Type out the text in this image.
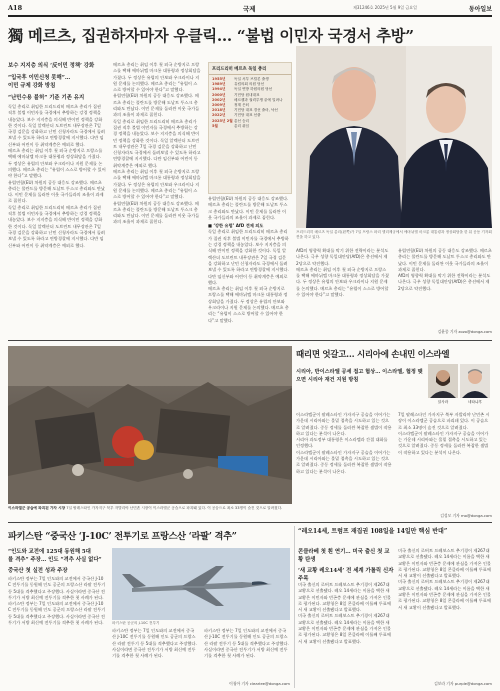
A18	국제	제31246호 2025년 5월 9일 금요일	동아일보
獨 메르츠, 집권하자마자 우클릭… “불법 이민자 국경서 추방”
보수 지지층 의식 ‘反이민 정책’ 강화
“입국후 이민신청 못해”…
이민 규제 강화 방침
“난민수용 불허” 기준 기존 유지

독일 총리로 취임한 프리드리히 메르츠 총리가 집권 직후 불법 이민자를 국경에서 추방하는 강경 정책을 내놓았다. 보수 지지층을 의식해 반이민 정책을 강화한 것이다. 독일 알렉산더 도브린트 내무장관은 7일 국경 검문을 강화하고 난민 신청자라도 국경에서 돌려보낼 수 있도록 하라고 연방경찰에 지시했다. 다만 임신부와 어린이 등 취약계층은 예외로 했다.

메르츠 총리는 취임 이후 첫 외국 순방지로 프랑스를 택해 에마뉘엘 마크롱 대통령과 정상회담을 가졌다. 두 정상은 유럽의 안보와 우크라이나 지원 문제를 논의했다. 메르츠 총리는 “유럽이 스스로 방어할 수 있어야 한다”고 말했다.

유럽연합(EU) 차원의 공동 대응도 강조했다. 메르츠 총리는 폴란드를 방문해 도날트 투스크 총리와도 만났다. 이민 문제를 둘러싼 이웃 국가들과의 조율이 과제로 꼽힌다.

독일 총리로 취임한 프리드리히 메르츠 총리가 집권 직후 불법 이민자를 국경에서 추방하는 강경 정책을 내놓았다. 보수 지지층을 의식해 반이민 정책을 강화한 것이다. 독일 알렉산더 도브린트 내무장관은 7일 국경 검문을 강화하고 난민 신청자라도 국경에서 돌려보낼 수 있도록 하라고 연방경찰에 지시했다. 다만 임신부와 어린이 등 취약계층은 예외로 했다.

메르츠 총리는 취임 이후 첫 외국 순방지로 프랑스를 택해 에마뉘엘 마크롱 대통령과 정상회담을 가졌다. 두 정상은 유럽의 안보와 우크라이나 지원 문제를 논의했다. 메르츠 총리는 “유럽이 스스로 방어할 수 있어야 한다”고 말했다.

유럽연합(EU) 차원의 공동 대응도 강조했다. 메르츠 총리는 폴란드를 방문해 도날트 투스크 총리와도 만났다. 이민 문제를 둘러싼 이웃 국가들과의 조율이 과제로 꼽힌다.

독일 총리로 취임한 프리드리히 메르츠 총리가 집권 직후 불법 이민자를 국경에서 추방하는 강경 정책을 내놓았다. 보수 지지층을 의식해 반이민 정책을 강화한 것이다. 독일 알렉산더 도브린트 내무장관은 7일 국경 검문을 강화하고 난민 신청자라도 국경에서 돌려보낼 수 있도록 하라고 연방경찰에 지시했다. 다만 임신부와 어린이 등 취약계층은 예외로 했다.

메르츠 총리는 취임 이후 첫 외국 순방지로 프랑스를 택해 에마뉘엘 마크롱 대통령과 정상회담을 가졌다. 두 정상은 유럽의 안보와 우크라이나 지원 문제를 논의했다. 메르츠 총리는 “유럽이 스스로 방어할 수 있어야 한다”고 말했다.

유럽연합(EU) 차원의 공동 대응도 강조했다. 메르츠 총리는 폴란드를 방문해 도날트 투스크 총리와도 만났다. 이민 문제를 둘러싼 이웃 국가들과의 조율이 과제로 꼽힌다.

프리드리히 메르츠 독일 총리
1955년	독일 서부 브릴론 출생
1989년	유럽의회 의원 당선
1994년	독일 연방 하원의원 당선
2000년	기민당 원내대표
2002년	메르켈과 권력투쟁 끝에 밀려나
2009년	정계 은퇴
2018년	기민당 대표 경선 출마, 낙선
2022년	기민당 대표 선출
2025년 2월 총선 승리
5월	총리 취임

유럽연합(EU) 차원의 공동 대응도 강조했다. 메르츠 총리는 폴란드를 방문해 도날트 투스크 총리와도 만났다. 이민 문제를 둘러싼 이웃 국가들과의 조율이 과제로 꼽힌다.

■ ‘강한 유럽’ AfD 견제 의도

독일 총리로 취임한 프리드리히 메르츠 총리가 집권 직후 불법 이민자를 국경에서 추방하는 강경 정책을 내놓았다. 보수 지지층을 의식해 반이민 정책을 강화한 것이다. 독일 알렉산더 도브린트 내무장관은 7일 국경 검문을 강화하고 난민 신청자라도 국경에서 돌려보낼 수 있도록 하라고 연방경찰에 지시했다. 다만 임신부와 어린이 등 취약계층은 예외로 했다.

메르츠 총리는 취임 이후 첫 외국 순방지로 프랑스를 택해 에마뉘엘 마크롱 대통령과 정상회담을 가졌다. 두 정상은 유럽의 안보와 우크라이나 지원 문제를 논의했다. 메르츠 총리는 “유럽이 스스로 방어할 수 있어야 한다”고 말했다.

프리드리히 메르츠 독일 총리(왼쪽)가 7일 프랑스 파리 엘리제궁에서 에마뉘엘 마크롱 대통령과 정상회담을 한 뒤 공동 기자회견을 하고 있다.

AfD의 영향력 확대를 막기 위한 전략이라는 분석도 나온다. 극우 성향 독일대안당(AfD)은 총선에서 제2당으로 약진했다.

메르츠 총리는 취임 이후 첫 외국 순방지로 프랑스를 택해 에마뉘엘 마크롱 대통령과 정상회담을 가졌다. 두 정상은 유럽의 안보와 우크라이나 지원 문제를 논의했다. 메르츠 총리는 “유럽이 스스로 방어할 수 있어야 한다”고 말했다.

유럽연합(EU) 차원의 공동 대응도 강조했다. 메르츠 총리는 폴란드를 방문해 도날트 투스크 총리와도 만났다. 이민 문제를 둘러싼 이웃 국가들과의 조율이 과제로 꼽힌다.

AfD의 영향력 확대를 막기 위한 전략이라는 분석도 나온다. 극우 성향 독일대안당(AfD)은 총선에서 제2당으로 약진했다.

김윤종 기자 zozo@donga.com
때리면 엇갈고… 시리아에 손내민 이스라엘
이스라엘군 공습에 파괴된 가자 시장 7일 팔레스타인 가자지구 북부 자발리야 난민촌 시장이 이스라엘군 공습으로 파괴돼 있다. 이 공습으로 최소 33명이 숨진 것으로 알려졌다.
시리아, 반이스라엘 공세 접고 협상… 이스라엘, 협정 맺으면 시리아 재건 지원 방침
알사라	네타냐후

이스라엘군이 팔레스타인 가자지구 공습을 이어가는 가운데 시리아와는 물밑 접촉을 시도하고 있는 것으로 알려졌다. 중동 정세를 둘러싼 복잡한 셈법이 작용하고 있다는 분석이 나온다.

시리아 과도정부 대통령은 이스라엘과 간접 대화를 인정했다.

이스라엘군이 팔레스타인 가자지구 공습을 이어가는 가운데 시리아와는 물밑 접촉을 시도하고 있는 것으로 알려졌다. 중동 정세를 둘러싼 복잡한 셈법이 작용하고 있다는 분석이 나온다.

7일 팔레스타인 가자지구 북부 자발리야 난민촌 시장이 이스라엘군 공습으로 파괴돼 있다. 이 공습으로 최소 33명이 숨진 것으로 알려졌다.

이스라엘군이 팔레스타인 가자지구 공습을 이어가는 가운데 시리아와는 물밑 접촉을 시도하고 있는 것으로 알려졌다. 중동 정세를 둘러싼 복잡한 셈법이 작용하고 있다는 분석이 나온다.

김성모 기자 mo@donga.com
파키스탄 “중국산 ‘J-10C’ 전투기로 프랑스산 ‘라팔’ 격추”
“인도와 교전에 125대 동원해 5대
를 격추” 주장… 인도 “격추 사실 없다”
중국산 첫 실전 성과 주장

파키스탄 정부는 7일 인도와의 교전에서 중국산 J-10C 전투기를 동원해 인도 공군의 프랑스산 라팔 전투기 등 5대를 격추했다고 주장했다. 사실이라면 중국산 전투기가 서방 최신예 전투기를 격추한 첫 사례가 된다.

파키스탄 정부는 7일 인도와의 교전에서 중국산 J-10C 전투기를 동원해 인도 공군의 프랑스산 라팔 전투기 등 5대를 격추했다고 주장했다. 사실이라면 중국산 전투기가 서방 최신예 전투기를 격추한 첫 사례가 된다.	파키스탄 공군의 J-10C 전투기

파키스탄 정부는 7일 인도와의 교전에서 중국산 J-10C 전투기를 동원해 인도 공군의 프랑스산 라팔 전투기 등 5대를 격추했다고 주장했다. 사실이라면 중국산 전투기가 서방 최신예 전투기를 격추한 첫 사례가 된다.

파키스탄 정부는 7일 인도와의 교전에서 중국산 J-10C 전투기를 동원해 인도 공군의 프랑스산 라팔 전투기 등 5대를 격추했다고 주장했다. 사실이라면 중국산 전투기가 서방 최신예 전투기를 격추한 첫 사례가 된다.

이청아 기자 clearlee@donga.com
“레오14세, 트럼프 재집권 108일을 14일만 핵심 반대”
콘클라베 첫 흰 연기… 미국 출신 첫 교황 탄생
‘새 교황 레오14세’ 전 세계 가톨릭 신자 주목

미국 출신의 로버트 프레보스트 추기경이 제267대 교황으로 선출됐다. 레오 14세라는 이름을 택한 새 교황은 이민자와 빈곤층 문제에 관심을 가져온 인물로 평가된다. 교황청은 8일 콘클라베 이틀째 투표에서 새 교황이 선출됐다고 발표했다.

미국 출신의 로버트 프레보스트 추기경이 제267대 교황으로 선출됐다. 레오 14세라는 이름을 택한 새 교황은 이민자와 빈곤층 문제에 관심을 가져온 인물로 평가된다. 교황청은 8일 콘클라베 이틀째 투표에서 새 교황이 선출됐다고 발표했다.

미국 출신의 로버트 프레보스트 추기경이 제267대 교황으로 선출됐다. 레오 14세라는 이름을 택한 새 교황은 이민자와 빈곤층 문제에 관심을 가져온 인물로 평가된다. 교황청은 8일 콘클라베 이틀째 투표에서 새 교황이 선출됐다고 발표했다.

미국 출신의 로버트 프레보스트 추기경이 제267대 교황으로 선출됐다. 레오 14세라는 이름을 택한 새 교황은 이민자와 빈곤층 문제에 관심을 가져온 인물로 평가된다. 교황청은 8일 콘클라베 이틀째 투표에서 새 교황이 선출됐다고 발표했다.

김보라 기자 purple@donga.com
